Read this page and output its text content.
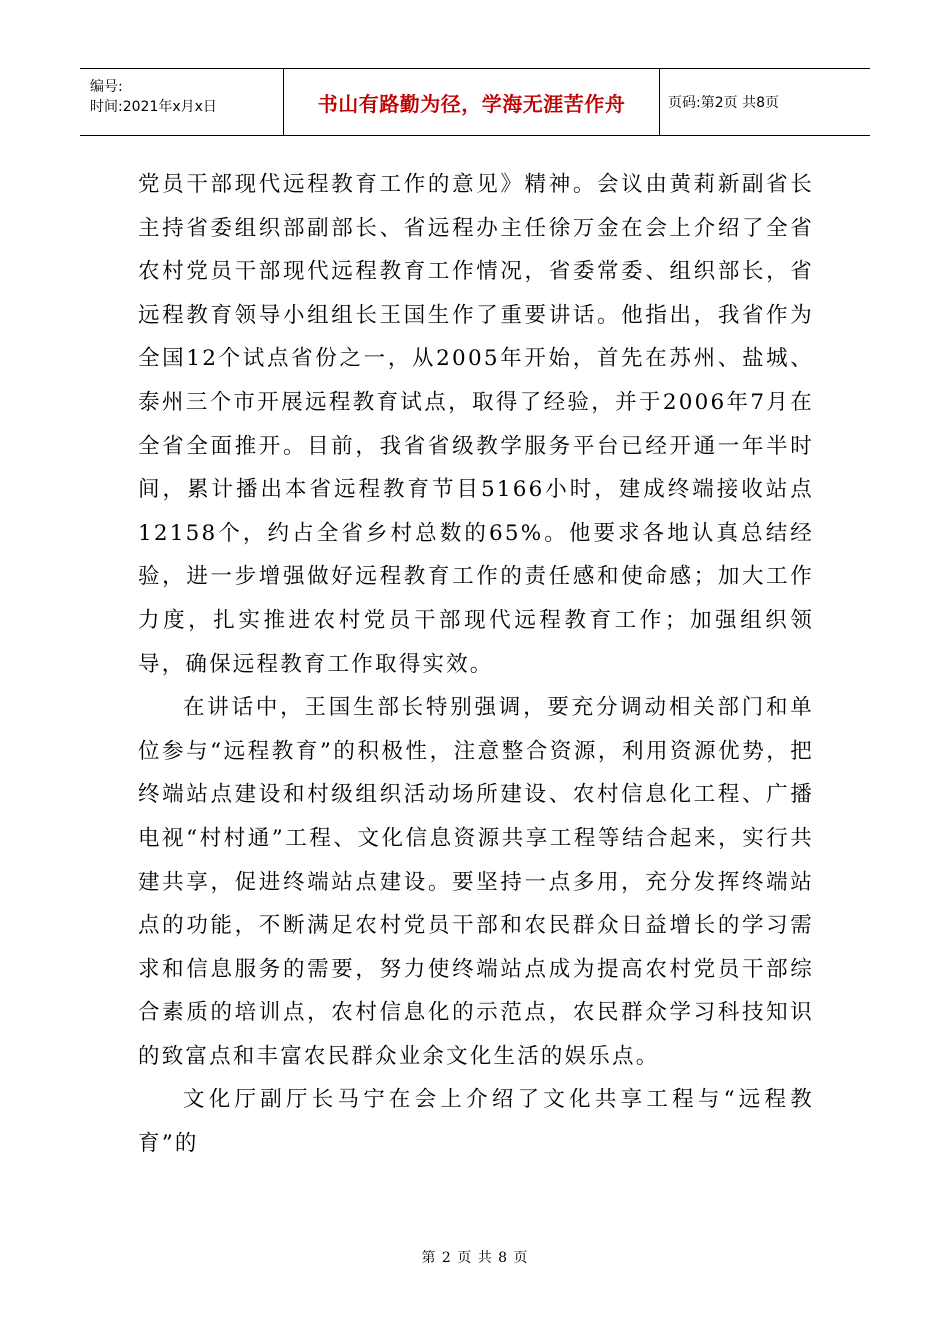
编号:
时间:2021年x月x日	书山有路勤为径，学海无涯苦作舟	页码:第2页 共8页

党员干部现代远程教育工作的意见》精神。会议由黄莉新副省长主持省委组织部副部长、省远程办主任徐万金在会上介绍了全省农村党员干部现代远程教育工作情况，省委常委、组织部长，省远程教育领导小组组长王国生作了重要讲话。他指出，我省作为全国12个试点省份之一，从2005年开始，首先在苏州、盐城、泰州三个市开展远程教育试点，取得了经验，并于2006年7月在全省全面推开。目前，我省省级教学服务平台已经开通一年半时间，累计播出本省远程教育节目5166小时，建成终端接收站点12158个，约占全省乡村总数的65%。他要求各地认真总结经验，进一步增强做好远程教育工作的责任感和使命感；加大工作力度，扎实推进农村党员干部现代远程教育工作；加强组织领导，确保远程教育工作取得实效。

在讲话中，王国生部长特别强调，要充分调动相关部门和单位参与“远程教育”的积极性，注意整合资源，利用资源优势，把终端站点建设和村级组织活动场所建设、农村信息化工程、广播电视“村村通”工程、文化信息资源共享工程等结合起来，实行共建共享，促进终端站点建设。要坚持一点多用，充分发挥终端站点的功能，不断满足农村党员干部和农民群众日益增长的学习需求和信息服务的需要，努力使终端站点成为提高农村党员干部综合素质的培训点，农村信息化的示范点，农民群众学习科技知识的致富点和丰富农民群众业余文化生活的娱乐点。

文化厅副厅长马宁在会上介绍了文化共享工程与“远程教育”的

第 2 页 共 8 页
